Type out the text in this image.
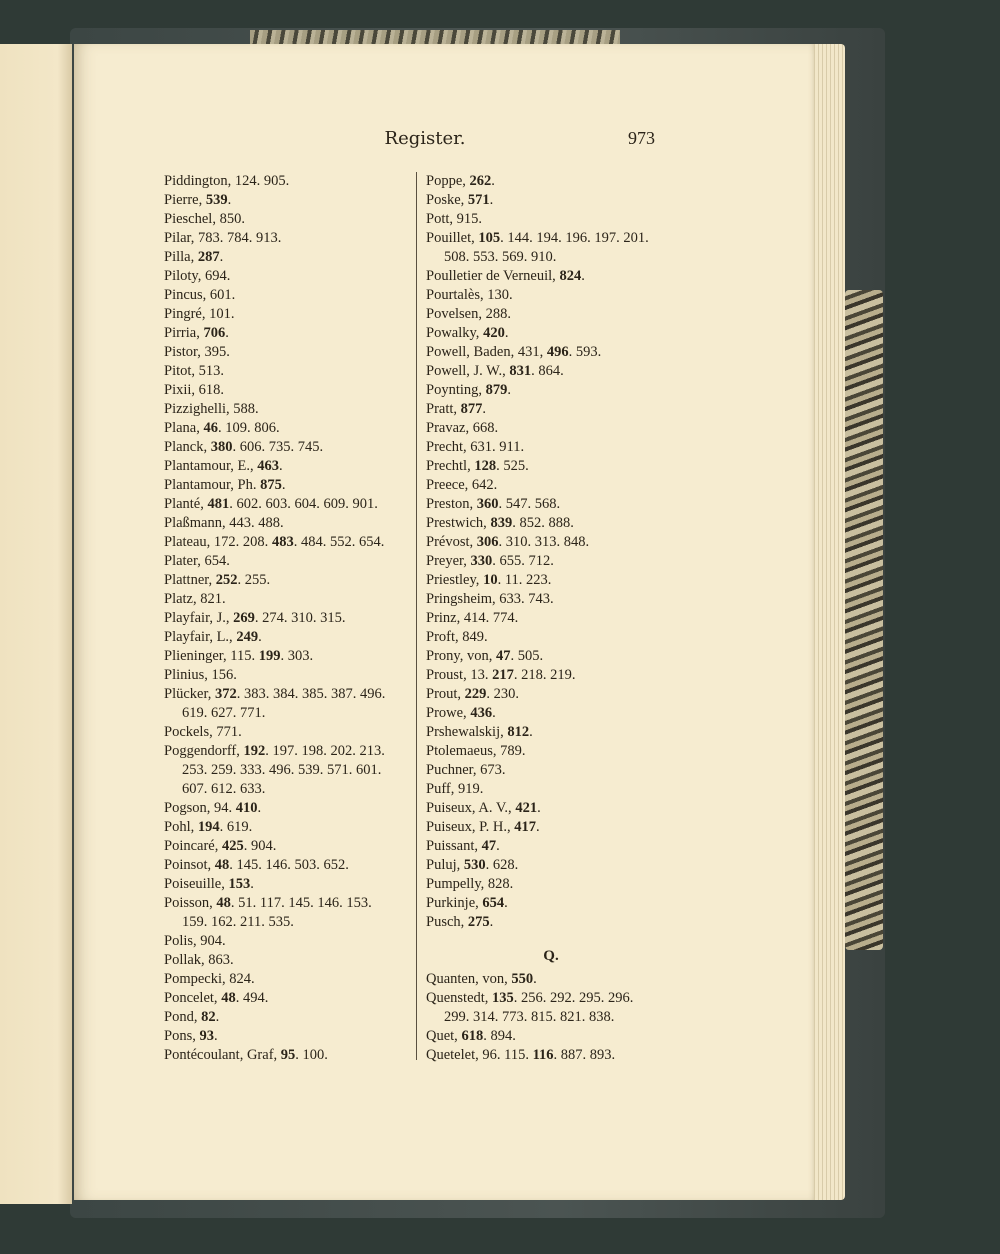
Register.	973
Piddington, 124. 905.
Pierre, 539.
Pieschel, 850.
Pilar, 783. 784. 913.
Pilla, 287.
Piloty, 694.
Pincus, 601.
Pingré, 101.
Pirria, 706.
Pistor, 395.
Pitot, 513.
Pixii, 618.
Pizzighelli, 588.
Plana, 46. 109. 806.
Planck, 380. 606. 735. 745.
Plantamour, E., 463.
Plantamour, Ph. 875.
Planté, 481. 602. 603. 604. 609. 901.
Plaßmann, 443. 488.
Plateau, 172. 208. 483. 484. 552. 654.
Plater, 654.
Plattner, 252. 255.
Platz, 821.
Playfair, J., 269. 274. 310. 315.
Playfair, L., 249.
Plieninger, 115. 199. 303.
Plinius, 156.
Plücker, 372. 383. 384. 385. 387. 496.
619. 627. 771.
Pockels, 771.
Poggendorff, 192. 197. 198. 202. 213.
253. 259. 333. 496. 539. 571. 601.
607. 612. 633.
Pogson, 94. 410.
Pohl, 194. 619.
Poincaré, 425. 904.
Poinsot, 48. 145. 146. 503. 652.
Poiseuille, 153.
Poisson, 48. 51. 117. 145. 146. 153.
159. 162. 211. 535.
Polis, 904.
Pollak, 863.
Pompecki, 824.
Poncelet, 48. 494.
Pond, 82.
Pons, 93.
Pontécoulant, Graf, 95. 100.
Poppe, 262.
Poske, 571.
Pott, 915.
Pouillet, 105. 144. 194. 196. 197. 201.
508. 553. 569. 910.
Poulletier de Verneuil, 824.
Pourtalès, 130.
Povelsen, 288.
Powalky, 420.
Powell, Baden, 431, 496. 593.
Powell, J. W., 831. 864.
Poynting, 879.
Pratt, 877.
Pravaz, 668.
Precht, 631. 911.
Prechtl, 128. 525.
Preece, 642.
Preston, 360. 547. 568.
Prestwich, 839. 852. 888.
Prévost, 306. 310. 313. 848.
Preyer, 330. 655. 712.
Priestley, 10. 11. 223.
Pringsheim, 633. 743.
Prinz, 414. 774.
Proft, 849.
Prony, von, 47. 505.
Proust, 13. 217. 218. 219.
Prout, 229. 230.
Prowe, 436.
Prshewalskij, 812.
Ptolemaeus, 789.
Puchner, 673.
Puff, 919.
Puiseux, A. V., 421.
Puiseux, P. H., 417.
Puissant, 47.
Puluj, 530. 628.
Pumpelly, 828.
Purkinje, 654.
Pusch, 275.
Q.
Quanten, von, 550.
Quenstedt, 135. 256. 292. 295. 296.
299. 314. 773. 815. 821. 838.
Quet, 618. 894.
Quetelet, 96. 115. 116. 887. 893.
